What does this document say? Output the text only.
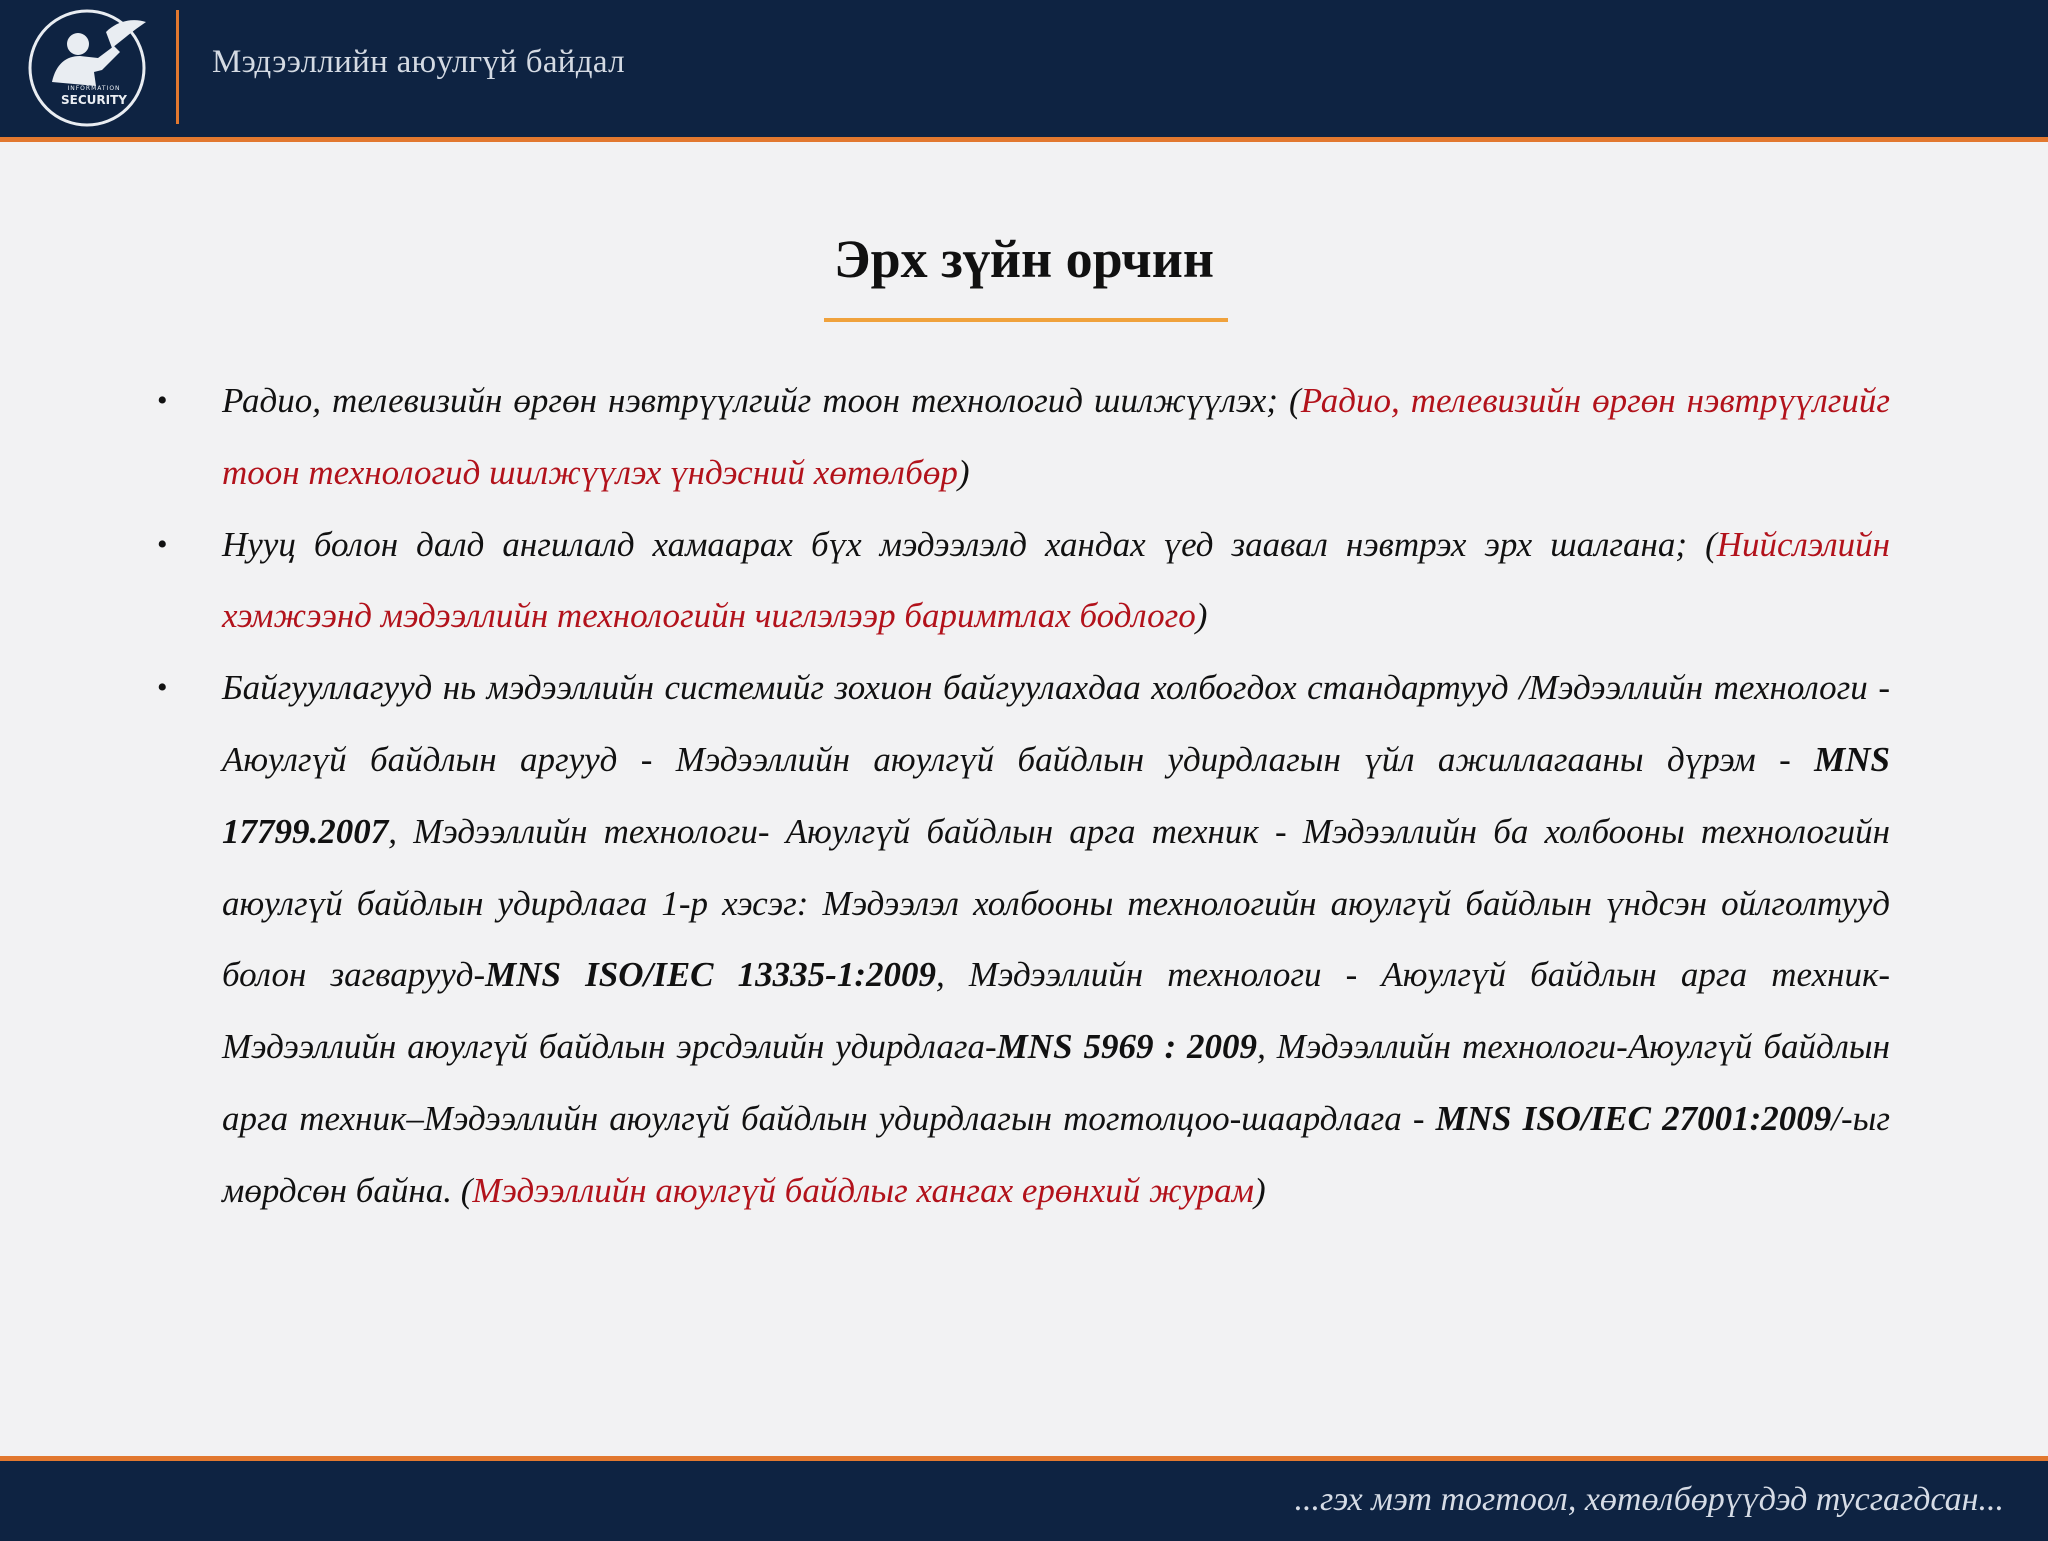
INFORMATION
SECURITY
Мэдээллийн аюулгүй байдал
Эрх зүйн орчин
• Радио, телевизийн өргөн нэвтрүүлгийг тоон технологид шилжүүлэх; (Радио, телевизийн өргөн нэвтрүүлгийг тоон технологид шилжүүлэх үндэсний хөтөлбөр)
• Нууц болон далд ангилалд хамаарах бүх мэдээлэлд хандах үед заавал нэвтрэх эрх шалгана; (Нийслэлийн хэмжээнд мэдээллийн технологийн чиглэлээр баримтлах бодлого)
• Байгууллагууд нь мэдээллийн системийг зохион байгуулахдаа холбогдох стандартууд /Мэдээллийн технологи - Аюулгүй байдлын аргууд - Мэдээллийн аюулгүй байдлын удирдлагын үйл ажиллагааны дүрэм - MNS 17799.2007, Мэдээллийн технологи- Аюулгүй байдлын арга техник - Мэдээллийн ба холбооны технологийн аюулгүй байдлын удирдлага 1-р хэсэг: Мэдээлэл холбооны технологийн аюулгүй байдлын үндсэн ойлголтууд болон загварууд-MNS ISO/IEC 13335-1:2009, Мэдээллийн технологи - Аюулгүй байдлын арга техник-Мэдээллийн аюулгүй байдлын эрсдэлийн удирдлага-MNS 5969 : 2009, Мэдээллийн технологи-Аюулгүй байдлын арга техник–Мэдээллийн аюулгүй байдлын удирдлагын тогтолцоо-шаардлага - MNS ISO/IEC 27001:2009/-ыг мөрдсөн байна. (Мэдээллийн аюулгүй байдлыг хангах ерөнхий журам)
...гэх мэт тогтоол, хөтөлбөрүүдэд тусгагдсан...
